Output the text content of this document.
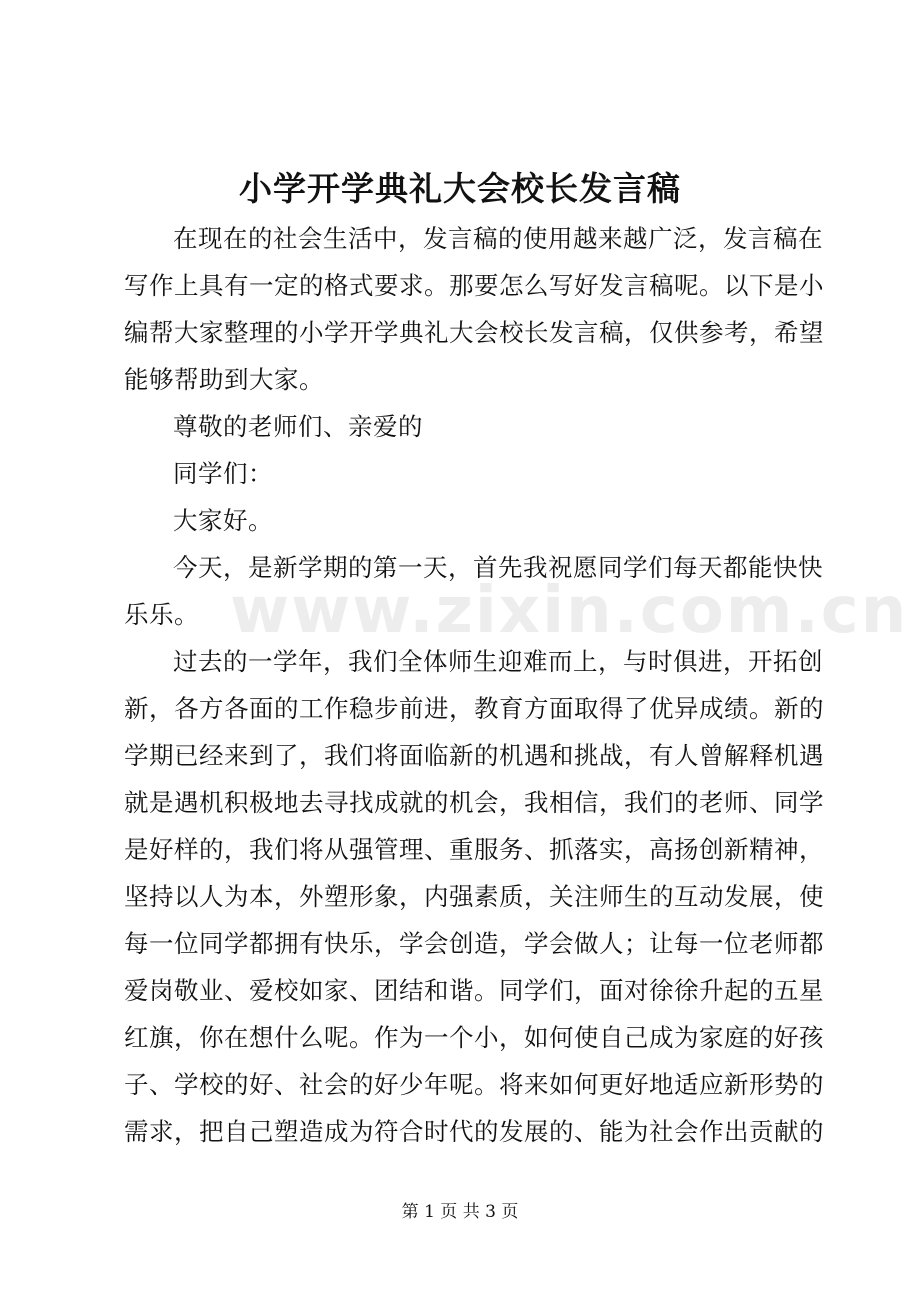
小学开学典礼大会校长发言稿
在现在的社会生活中，发言稿的使用越来越广泛，发言稿在
写作上具有一定的格式要求。那要怎么写好发言稿呢。以下是小
编帮大家整理的小学开学典礼大会校长发言稿，仅供参考，希望
能够帮助到大家。
尊敬的老师们、亲爱的
同学们：
大家好。
今天，是新学期的第一天，首先我祝愿同学们每天都能快快
乐乐。
过去的一学年，我们全体师生迎难而上，与时俱进，开拓创
新，各方各面的工作稳步前进，教育方面取得了优异成绩。新的
学期已经来到了，我们将面临新的机遇和挑战，有人曾解释机遇
就是遇机积极地去寻找成就的机会，我相信，我们的老师、同学
是好样的，我们将从强管理、重服务、抓落实，高扬创新精神，
坚持以人为本，外塑形象，内强素质，关注师生的互动发展，使
每一位同学都拥有快乐，学会创造，学会做人；让每一位老师都
爱岗敬业、爱校如家、团结和谐。同学们，面对徐徐升起的五星
红旗，你在想什么呢。作为一个小，如何使自己成为家庭的好孩
子、学校的好、社会的好少年呢。将来如何更好地适应新形势的
需求，把自己塑造成为符合时代的发展的、能为社会作出贡献的
www.zixin.com.cn
第 1 页 共 3 页
